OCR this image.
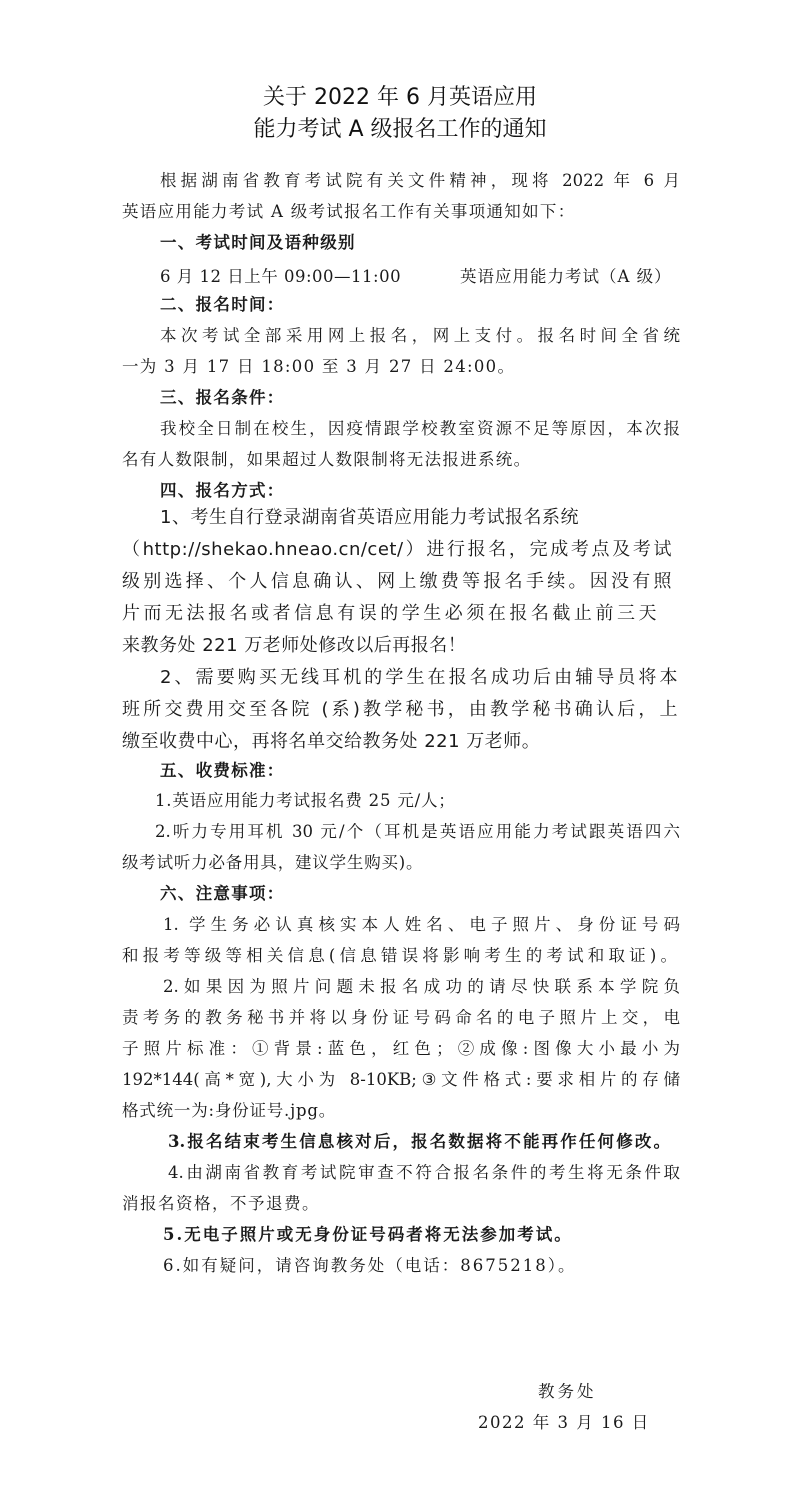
关于 2022 年 6 月英语应用
能力考试 A 级报名工作的通知
根据湖南省教育考试院有关文件精神，现将 2022 年 6 月
英语应用能力考试 A 级考试报名工作有关事项通知如下：
一、考试时间及语种级别
6 月 12 日上午 09:00—11:00	英语应用能力考试（A 级）
二、报名时间：
本次考试全部采用网上报名，网上支付。报名时间全省统
一为 3 月 17 日 18:00 至 3 月 27 日 24:00。
三、报名条件：
我校全日制在校生，因疫情跟学校教室资源不足等原因，本次报
名有人数限制，如果超过人数限制将无法报进系统。
四、报名方式：
1、考生自行登录湖南省英语应用能力考试报名系统
（http://shekao.hneao.cn/cet/）进行报名，完成考点及考试
级别选择、个人信息确认、网上缴费等报名手续。因没有照
片而无法报名或者信息有误的学生必须在报名截止前三天
来教务处 221 万老师处修改以后再报名！
2、需要购买无线耳机的学生在报名成功后由辅导员将本
班所交费用交至各院 (系)教学秘书，由教学秘书确认后，上
缴至收费中心，再将名单交给教务处 221 万老师。
五、收费标准：
1.英语应用能力考试报名费 25 元/人；
2.听力专用耳机 30 元/个（耳机是英语应用能力考试跟英语四六
级考试听力必备用具，建议学生购买)。
六、注意事项：
1. 学生务必认真核实本人姓名、电子照片、身份证号码
和报考等级等相关信息(信息错误将影响考生的考试和取证)。
2.如果因为照片问题未报名成功的请尽快联系本学院负
责考务的教务秘书并将以身份证号码命名的电子照片上交，电
子照片标准：①背景:蓝色，红色；②成像:图像大小最小为
192*144(高*宽),大小为 8-10KB;③文件格式:要求相片的存储
格式统一为:身份证号.jpg。
3.报名结束考生信息核对后，报名数据将不能再作任何修改。
4.由湖南省教育考试院审查不符合报名条件的考生将无条件取
消报名资格，不予退费。
5.无电子照片或无身份证号码者将无法参加考试。
6.如有疑问，请咨询教务处（电话：8675218）。
教务处
2022 年 3 月 16 日
